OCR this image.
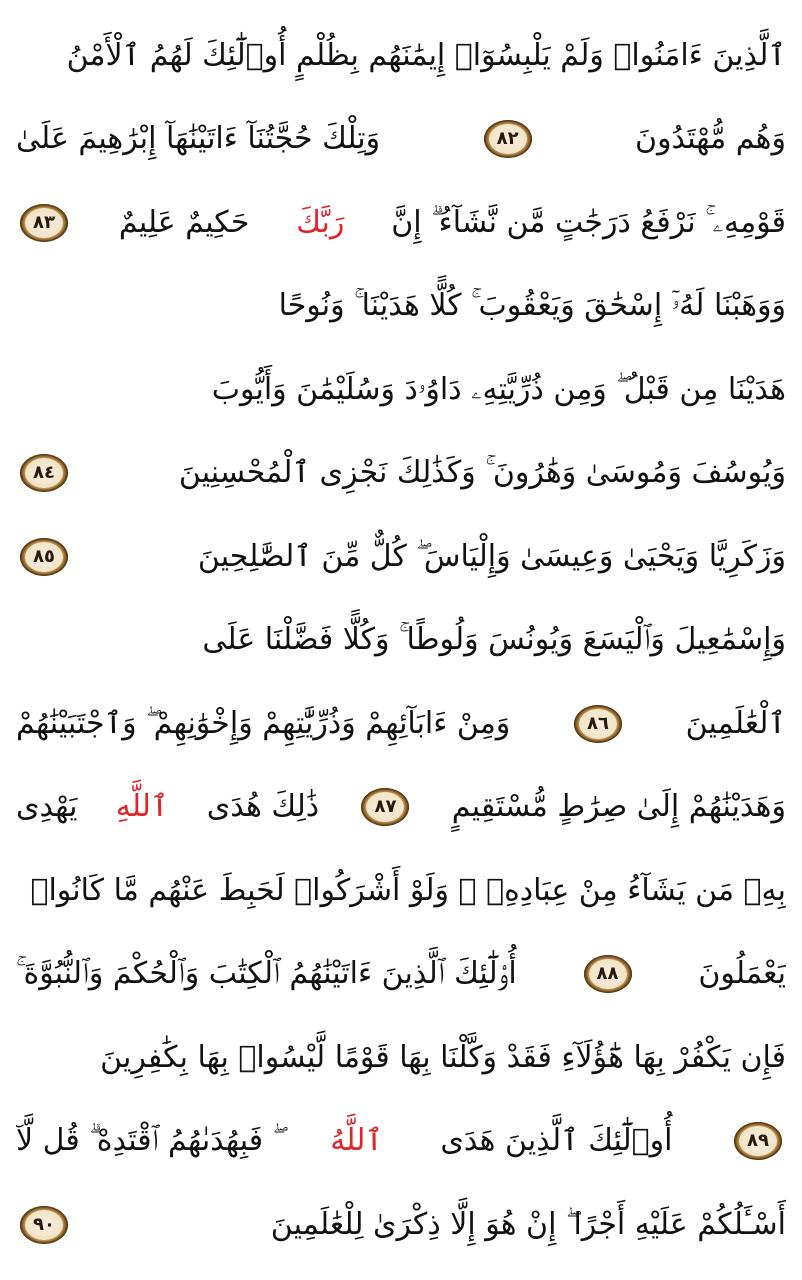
ٱلَّذِينَ ءَامَنُوا۟ وَلَمْ يَلْبِسُوٓا۟ إِيمَٰنَهُم بِظُلْمٍ أُو۟لَٰٓئِكَ لَهُمُ ٱلْأَمْنُ
وَهُم مُّهْتَدُونَ
٨٢
وَتِلْكَ حُجَّتُنَآ ءَاتَيْنَٰهَآ إِبْرَٰهِيمَ عَلَىٰ
قَوْمِهِۦ ۚ نَرْفَعُ دَرَجَٰتٍ مَّن نَّشَآءُ ۗ إِنَّ
رَبَّكَ
حَكِيمٌ عَلِيمٌ
٨٣
وَوَهَبْنَا لَهُۥٓ إِسْحَٰقَ وَيَعْقُوبَ ۚ كُلًّا هَدَيْنَا ۚ وَنُوحًا
هَدَيْنَا مِن قَبْلُ ۖ وَمِن ذُرِّيَّتِهِۦ دَاوُۥدَ وَسُلَيْمَٰنَ وَأَيُّوبَ
وَيُوسُفَ وَمُوسَىٰ وَهَٰرُونَ ۚ وَكَذَٰلِكَ نَجْزِى ٱلْمُحْسِنِينَ
٨٤
وَزَكَرِيَّا وَيَحْيَىٰ وَعِيسَىٰ وَإِلْيَاسَ ۖ كُلٌّ مِّنَ ٱلصَّٰلِحِينَ
٨٥
وَإِسْمَٰعِيلَ وَٱلْيَسَعَ وَيُونُسَ وَلُوطًا ۚ وَكُلًّا فَضَّلْنَا عَلَى
ٱلْعَٰلَمِينَ
٨٦
وَمِنْ ءَابَآئِهِمْ وَذُرِّيَّٰتِهِمْ وَإِخْوَٰنِهِمْ ۖ وَٱجْتَبَيْنَٰهُمْ
وَهَدَيْنَٰهُمْ إِلَىٰ صِرَٰطٍ مُّسْتَقِيمٍ
٨٧
ذَٰلِكَ هُدَى
ٱللَّهِ
يَهْدِى
بِهِۦ مَن يَشَآءُ مِنْ عِبَادِهِۦ ۚ وَلَوْ أَشْرَكُوا۟ لَحَبِطَ عَنْهُم مَّا كَانُوا۟
يَعْمَلُونَ
٨٨
أُو۟لَٰٓئِكَ ٱلَّذِينَ ءَاتَيْنَٰهُمُ ٱلْكِتَٰبَ وَٱلْحُكْمَ وَٱلنُّبُوَّةَ ۚ
فَإِن يَكْفُرْ بِهَا هَٰٓؤُلَآءِ فَقَدْ وَكَّلْنَا بِهَا قَوْمًا لَّيْسُوا۟ بِهَا بِكَٰفِرِينَ
٨٩
أُو۟لَٰٓئِكَ ٱلَّذِينَ هَدَى
ٱللَّهُ
ۖ فَبِهُدَىٰهُمُ ٱقْتَدِهْ ۗ قُل لَّآ
أَسْـَٔلُكُمْ عَلَيْهِ أَجْرًا ۖ إِنْ هُوَ إِلَّا ذِكْرَىٰ لِلْعَٰلَمِينَ
٩٠
